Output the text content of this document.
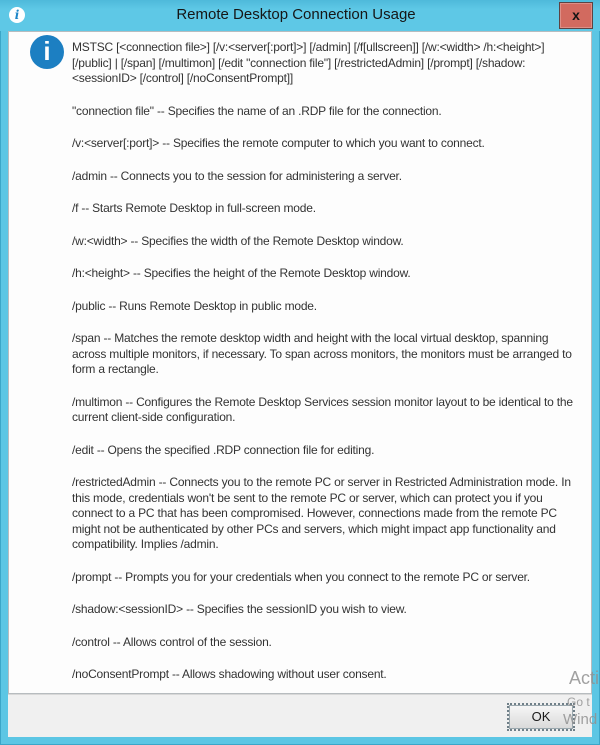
i	Remote Desktop Connection Usage	x
i	MSTSC [<connection file>] [/v:<server[:port]>] [/admin] [/f[ullscreen]] [/w:<width> /h:<height>] [/public] | [/span] [/multimon] [/edit "connection file"] [/restrictedAdmin] [/prompt] [/shadow:<sessionID> [/control] [/noConsentPrompt]]

"connection file" -- Specifies the name of an .RDP file for the connection.

/v:<server[:port]> -- Specifies the remote computer to which you want to connect.

/admin -- Connects you to the session for administering a server.

/f -- Starts Remote Desktop in full-screen mode.

/w:<width> -- Specifies the width of the Remote Desktop window.

/h:<height> -- Specifies the height of the Remote Desktop window.

/public -- Runs Remote Desktop in public mode.

/span -- Matches the remote desktop width and height with the local virtual desktop, spanning across multiple monitors, if necessary. To span across monitors, the monitors must be arranged to form a rectangle.

/multimon -- Configures the Remote Desktop Services session monitor layout to be identical to the current client-side configuration.

/edit -- Opens the specified .RDP connection file for editing.

/restrictedAdmin -- Connects you to the remote PC or server in Restricted Administration mode. In this mode, credentials won't be sent to the remote PC or server, which can protect you if you connect to a PC that has been compromised. However, connections made from the remote PC might not be authenticated by other PCs and servers, which might impact app functionality and compatibility. Implies /admin.

/prompt -- Prompts you for your credentials when you connect to the remote PC or server.

/shadow:<sessionID> -- Specifies the sessionID you wish to view.

/control -- Allows control of the session.

/noConsentPrompt -- Allows shadowing without user consent.

OK
Acti
Go t
Wind
